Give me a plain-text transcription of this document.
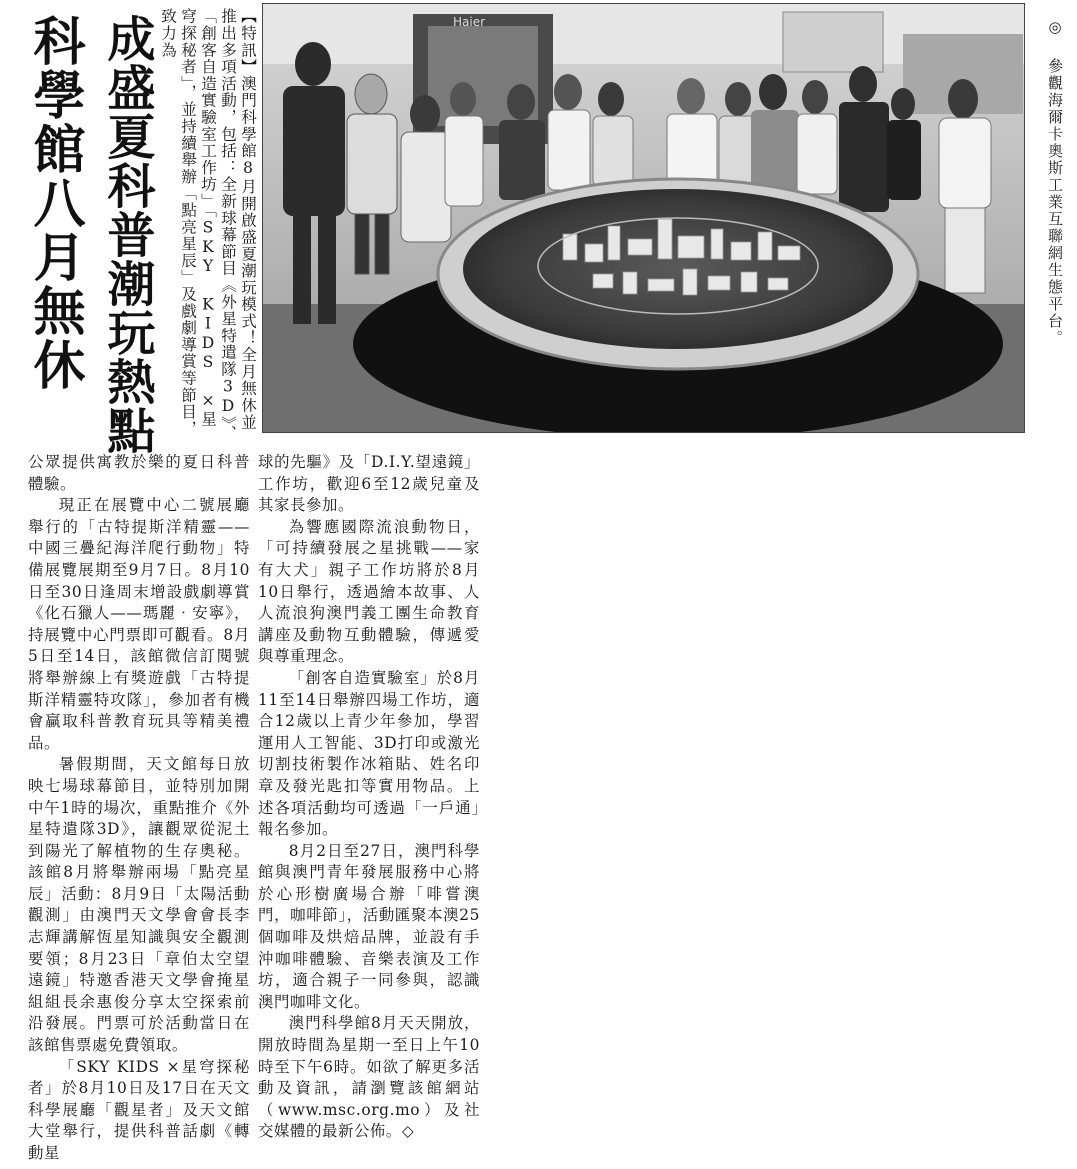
科學館八月無休 成盛夏科普潮玩熱點	【特訊】澳門科學館8月開啟盛夏潮玩模式！全月無休並推出多項活動，包括：全新球幕節目《外星特遣隊3D》、「創客自造實驗室工作坊」「SKY KIDS ×星穹探秘者」，並持續舉辦「點亮星辰」及戲劇導賞等節目，致力為	Haier	◎ 參觀海爾卡奧斯工業互聯網生態平台。

公眾提供寓教於樂的夏日科普體驗。

現正在展覽中心二號展廳舉行的「古特提斯洋精靈——中國三疊紀海洋爬行動物」特備展覽展期至9月7日。8月10日至30日逢周末增設戲劇導賞《化石獵人——瑪麗‧安寧》，持展覽中心門票即可觀看。8月5日至14日，該館微信訂閱號將舉辦線上有獎遊戲「古特提斯洋精靈特攻隊」，參加者有機會贏取科普教育玩具等精美禮品。

暑假期間，天文館每日放映七場球幕節目，並特別加開中午1時的場次，重點推介《外星特遣隊3D》，讓觀眾從泥土到陽光了解植物的生存奧秘。該館8月將舉辦兩場「點亮星辰」活動：8月9日「太陽活動觀測」由澳門天文學會會長李志輝講解恆星知識與安全觀測要領；8月23日「章伯太空望遠鏡」特邀香港天文學會掩星組組長余惠俊分享太空探索前沿發展。門票可於活動當日在該館售票處免費領取。

「SKY KIDS ×星穹探秘者」於8月10日及17日在天文科學展廳「觀星者」及天文館大堂舉行，提供科普話劇《轉動星

球的先驅》及「D.I.Y.望遠鏡」工作坊，歡迎6至12歲兒童及其家長參加。

為響應國際流浪動物日，「可持續發展之星挑戰——家有大犬」親子工作坊將於8月10日舉行，透過繪本故事、人人流浪狗澳門義工團生命教育講座及動物互動體驗，傳遞愛與尊重理念。

「創客自造實驗室」於8月11至14日舉辦四場工作坊，適合12歲以上青少年參加，學習運用人工智能、3D打印或激光切割技術製作冰箱貼、姓名印章及發光匙扣等實用物品。上述各項活動均可透過「一戶通」報名參加。

8月2日至27日，澳門科學館與澳門青年發展服務中心將於心形樹廣場合辦「啡嘗澳門，咖啡節」，活動匯聚本澳25個咖啡及烘焙品牌，並設有手沖咖啡體驗、音樂表演及工作坊，適合親子一同參與，認識澳門咖啡文化。

澳門科學館8月天天開放，開放時間為星期一至日上午10時至下午6時。如欲了解更多活動及資訊，請瀏覽該館網站（www.msc.org.mo）及社交媒體的最新公佈。◇
